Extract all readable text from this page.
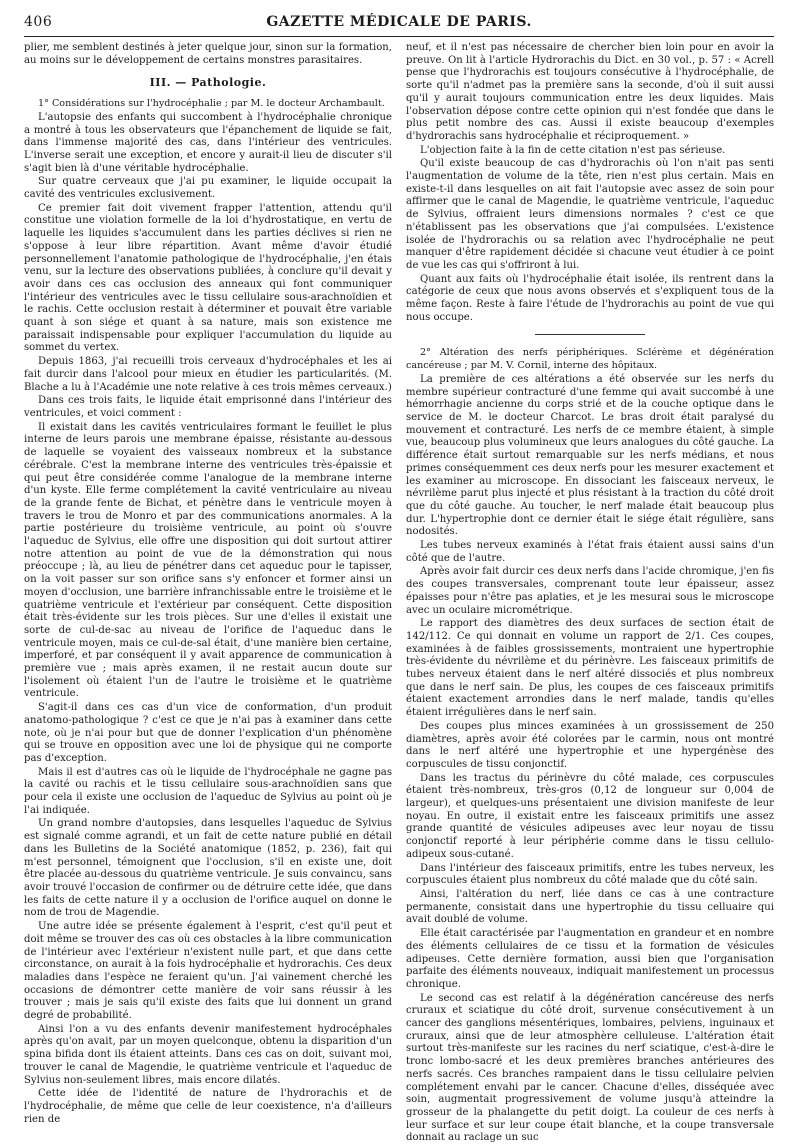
406	GAZETTE MÉDICALE DE PARIS.

plier, me semblent destinés à jeter quelque jour, sinon sur la formation, au moins sur le développement de certains monstres parasitaires.

III. — Pathologie.

1° Considérations sur l'hydrocéphalie ; par M. le docteur Archambault.

L'autopsie des enfants qui succombent à l'hydrocéphalie chronique a montré à tous les observateurs que l'épanchement de liquide se fait, dans l'immense majorité des cas, dans l'intérieur des ventricules. L'inverse serait une exception, et encore y aurait-il lieu de discuter s'il s'agit bien là d'une véritable hydrocéphalie.

Sur quatre cerveaux que j'ai pu examiner, le liquide occupait la cavité des ventricules exclusivement.

Ce premier fait doit vivement frapper l'attention, attendu qu'il constitue une violation formelle de la loi d'hydrostatique, en vertu de laquelle les liquides s'accumulent dans les parties déclives si rien ne s'oppose à leur libre répartition. Avant même d'avoir étudié personnellement l'anatomie pathologique de l'hydrocéphalie, j'en étais venu, sur la lecture des observations publiées, à conclure qu'il devait y avoir dans ces cas occlusion des anneaux qui font communiquer l'intérieur des ventricules avec le tissu cellulaire sous-arachnoïdien et le rachis. Cette occlusion restait à déterminer et pouvait être variable quant à son siége et quant à sa nature, mais son existence me paraissait indispensable pour expliquer l'accumulation du liquide au sommet du vertex.

Depuis 1863, j'ai recueilli trois cerveaux d'hydrocéphales et les ai fait durcir dans l'alcool pour mieux en étudier les particularités. (M. Blache a lu à l'Académie une note relative à ces trois mêmes cerveaux.)

Dans ces trois faits, le liquide était emprisonné dans l'intérieur des ventricules, et voici comment :

Il existait dans les cavités ventriculaires formant le feuillet le plus interne de leurs parois une membrane épaisse, résistante au-dessous de laquelle se voyaient des vaisseaux nombreux et la substance cérébrale. C'est la membrane interne des ventricules très-épaissie et qui peut être considérée comme l'analogue de la membrane interne d'un kyste. Elle ferme complétement la cavité ventriculaire au niveau de la grande fente de Bichat, et pénètre dans le ventricule moyen à travers le trou de Monro et par des communications anormales. A la partie postérieure du troisième ventricule, au point où s'ouvre l'aqueduc de Sylvius, elle offre une disposition qui doit surtout attirer notre attention au point de vue de la démonstration qui nous préoccupe ; là, au lieu de pénétrer dans cet aqueduc pour le tapisser, on la voit passer sur son orifice sans s'y enfoncer et former ainsi un moyen d'occlusion, une barrière infranchissable entre le troisième et le quatrième ventricule et l'extérieur par conséquent. Cette disposition était très-évidente sur les trois pièces. Sur une d'elles il existait une sorte de cul-de-sac au niveau de l'orifice de l'aqueduc dans le ventricule moyen, mais ce cul-de-sal était, d'une manière bien certaine, imperforé, et par conséquent il y avait apparence de communication à première vue ; mais après examen, il ne restait aucun doute sur l'isolement où étaient l'un de l'autre le troisième et le quatrième ventricule.

S'agit-il dans ces cas d'un vice de conformation, d'un produit anatomo-pathologique ? c'est ce que je n'ai pas à examiner dans cette note, où je n'ai pour but que de donner l'explication d'un phénomène qui se trouve en opposition avec une loi de physique qui ne comporte pas d'exception.

Mais il est d'autres cas où le liquide de l'hydrocéphale ne gagne pas la cavité ou rachis et le tissu cellulaire sous-arachnoïdien sans que pour cela il existe une occlusion de l'aqueduc de Sylvius au point où je l'ai indiquée.

Un grand nombre d'autopsies, dans lesquelles l'aqueduc de Sylvius est signalé comme agrandi, et un fait de cette nature publié en détail dans les Bulletins de la Société anatomique (1852, p. 236), fait qui m'est personnel, témoignent que l'occlusion, s'il en existe une, doit être placée au-dessous du quatrième ventricule. Je suis convaincu, sans avoir trouvé l'occasion de confirmer ou de détruire cette idée, que dans les faits de cette nature il y a occlusion de l'orifice auquel on donne le nom de trou de Magendie.

Une autre idée se présente également à l'esprit, c'est qu'il peut et doit même se trouver des cas où ces obstacles à la libre communication de l'intérieur avec l'extérieur n'existent nulle part, et que dans cette circonstance, on aurait à la fois hydrocéphalie et hydrorachis. Ces deux maladies dans l'espèce ne feraient qu'un. J'ai vainement cherché les occasions de démontrer cette manière de voir sans réussir à les trouver ; mais je sais qu'il existe des faits que lui donnent un grand degré de probabilité.

Ainsi l'on a vu des enfants devenir manifestement hydrocéphales après qu'on avait, par un moyen quelconque, obtenu la disparition d'un spina bifida dont ils étaient atteints. Dans ces cas on doit, suivant moi, trouver le canal de Magendie, le quatrième ventricule et l'aqueduc de Sylvius non-seulement libres, mais encore dilatés.

Cette idée de l'identité de nature de l'hydrorachis et de l'hydrocéphalie, de même que celle de leur coexistence, n'a d'ailleurs rien de

neuf, et il n'est pas nécessaire de chercher bien loin pour en avoir la preuve. On lit à l'article Hydrorachis du Dict. en 30 vol., p. 57 : « Acrell pense que l'hydrorachis est toujours consécutive à l'hydrocéphalie, de sorte qu'il n'admet pas la première sans la seconde, d'où il suit aussi qu'il y aurait toujours communication entre les deux liquides. Mais l'observation dépose contre cette opinion qui n'est fondée que dans le plus petit nombre des cas. Aussi il existe beaucoup d'exemples d'hydrorachis sans hydrocéphalie et réciproquement. »

L'objection faite à la fin de cette citation n'est pas sérieuse.

Qu'il existe beaucoup de cas d'hydrorachis où l'on n'ait pas senti l'augmentation de volume de la tête, rien n'est plus certain. Mais en existe-t-il dans lesquelles on ait fait l'autopsie avec assez de soin pour affirmer que le canal de Magendie, le quatrième ventricule, l'aqueduc de Sylvius, offraient leurs dimensions normales ? c'est ce que n'établissent pas les observations que j'ai compulsées. L'existence isolée de l'hydrorachis ou sa relation avec l'hydrocéphalie ne peut manquer d'être rapidement décidée si chacune veut étudier à ce point de vue les cas qui s'offriront à lui.

Quant aux faits où l'hydrocéphalie était isolée, ils rentrent dans la catégorie de ceux que nous avons observés et s'expliquent tous de la même façon. Reste à faire l'étude de l'hydrorachis au point de vue qui nous occupe.

2° Altération des nerfs périphériques. Sclérème et dégénération cancéreuse ; par M. V. Cornil, interne des hôpitaux.

La première de ces altérations a été observée sur les nerfs du membre supérieur contracturé d'une femme qui avait succombé à une hémorrhagie ancienne du corps strié et de la couche optique dans le service de M. le docteur Charcot. Le bras droit était paralysé du mouvement et contracturé. Les nerfs de ce membre étaient, à simple vue, beaucoup plus volumineux que leurs analogues du côté gauche. La différence était surtout remarquable sur les nerfs médians, et nous primes conséquemment ces deux nerfs pour les mesurer exactement et les examiner au microscope. En dissociant les faisceaux nerveux, le névrilème parut plus injecté et plus résistant à la traction du côté droit que du côté gauche. Au toucher, le nerf malade était beaucoup plus dur. L'hypertrophie dont ce dernier était le siége était régulière, sans nodosités.

Les tubes nerveux examinés à l'état frais étaient aussi sains d'un côté que de l'autre.

Après avoir fait durcir ces deux nerfs dans l'acide chromique, j'en fis des coupes transversales, comprenant toute leur épaisseur, assez épaisses pour n'être pas aplaties, et je les mesurai sous le microscope avec un oculaire micrométrique.

Le rapport des diamètres des deux surfaces de section était de 142/112. Ce qui donnait en volume un rapport de 2/1. Ces coupes, examinées à de faibles grossissements, montraient une hypertrophie très-évidente du névrilème et du périnèvre. Les faisceaux primitifs de tubes nerveux étaient dans le nerf altéré dissociés et plus nombreux que dans le nerf sain. De plus, les coupes de ces faisceaux primitifs étaient exactement arrondies dans le nerf malade, tandis qu'elles étaient irrégulières dans le nerf sain.

Des coupes plus minces examinées à un grossissement de 250 diamètres, après avoir été colorées par le carmin, nous ont montré dans le nerf altéré une hypertrophie et une hypergénèse des corpuscules de tissu conjonctif.

Dans les tractus du périnèvre du côté malade, ces corpuscules étaient très-nombreux, très-gros (0,12 de longueur sur 0,004 de largeur), et quelques-uns présentaient une division manifeste de leur noyau. En outre, il existait entre les faisceaux primitifs une assez grande quantité de vésicules adipeuses avec leur noyau de tissu conjonctif reporté à leur périphérie comme dans le tissu cellulo-adipeux sous-cutané.

Dans l'intérieur des faisceaux primitifs, entre les tubes nerveux, les corpuscules étaient plus nombreux du côté malade que du côté sain.

Ainsi, l'altération du nerf, liée dans ce cas à une contracture permanente, consistait dans une hypertrophie du tissu celluaire qui avait doublé de volume.

Elle était caractérisée par l'augmentation en grandeur et en nombre des éléments cellulaires de ce tissu et la formation de vésicules adipeuses. Cette dernière formation, aussi bien que l'organisation parfaite des éléments nouveaux, indiquait manifestement un processus chronique.

Le second cas est relatif à la dégénération cancéreuse des nerfs cruraux et sciatique du côté droit, survenue consécutivement à un cancer des ganglions mésentériques, lombaires, pelviens, inguinaux et cruraux, ainsi que de leur atmosphère celluleuse. L'altération était surtout très-manifeste sur les racines du nerf sciatique, c'est-à-dire le tronc lombo-sacré et les deux premières branches antérieures des nerfs sacrés. Ces branches rampaient dans le tissu cellulaire pelvien complétement envahi par le cancer. Chacune d'elles, disséquée avec soin, augmentait progressivement de volume jusqu'à atteindre la grosseur de la phalangette du petit doigt. La couleur de ces nerfs à leur surface et sur leur coupe était blanche, et la coupe transversale donnait au raclage un suc
